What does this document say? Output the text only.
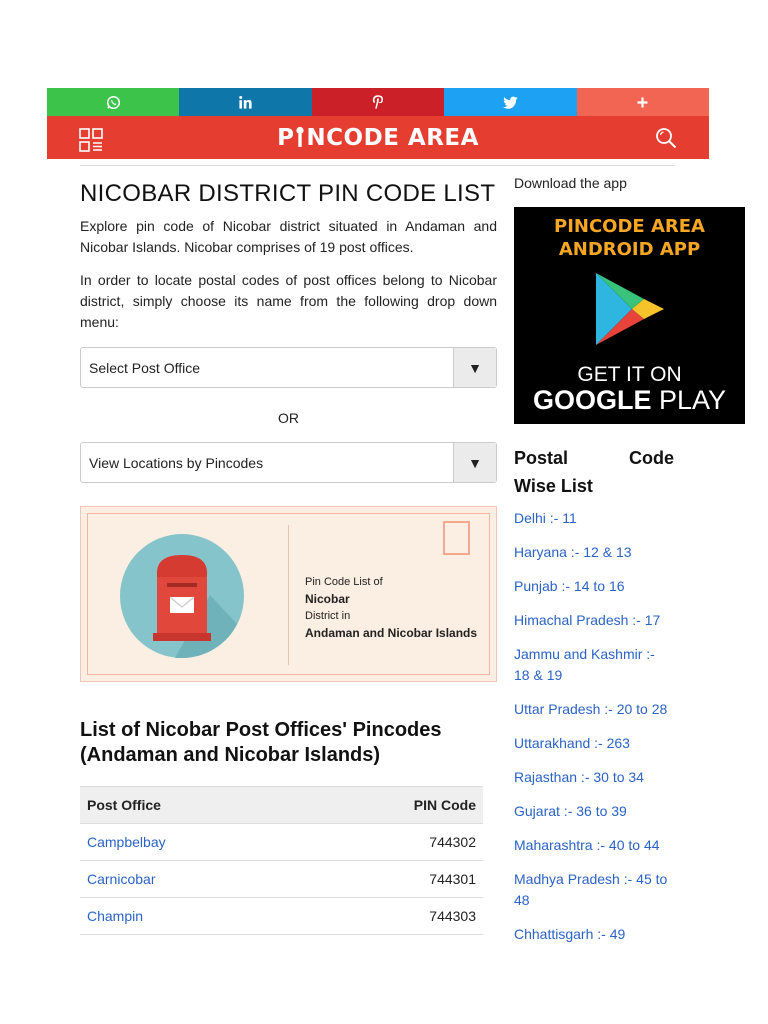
P NCODE AREA
NICOBAR DISTRICT PIN CODE LIST

Explore pin code of Nicobar district situated in Andaman and Nicobar Islands. Nicobar comprises of 19 post offices.

In order to locate postal codes of post offices belong to Nicobar district, simply choose its name from the following drop down menu:

Select Post Office	▼
OR
View Locations by Pincodes	▼
Pin Code List of
Nicobar
District in
Andaman and Nicobar Islands
List of Nicobar Post Offices' Pincodes (Andaman and Nicobar Islands)
Post Office	PIN Code
Campbelbay	744302
Carnicobar	744301
Champin	744303
Download the app
PINCODE AREA
ANDROID APP
GET IT ON
GOOGLE PLAY
Postal	Code
Wise List
Delhi :- 11
Haryana :- 12 & 13
Punjab :- 14 to 16
Himachal Pradesh :- 17
Jammu and Kashmir :- 18 & 19
Uttar Pradesh :- 20 to 28
Uttarakhand :- 263
Rajasthan :- 30 to 34
Gujarat :- 36 to 39
Maharashtra :- 40 to 44
Madhya Pradesh :- 45 to 48
Chhattisgarh :- 49
